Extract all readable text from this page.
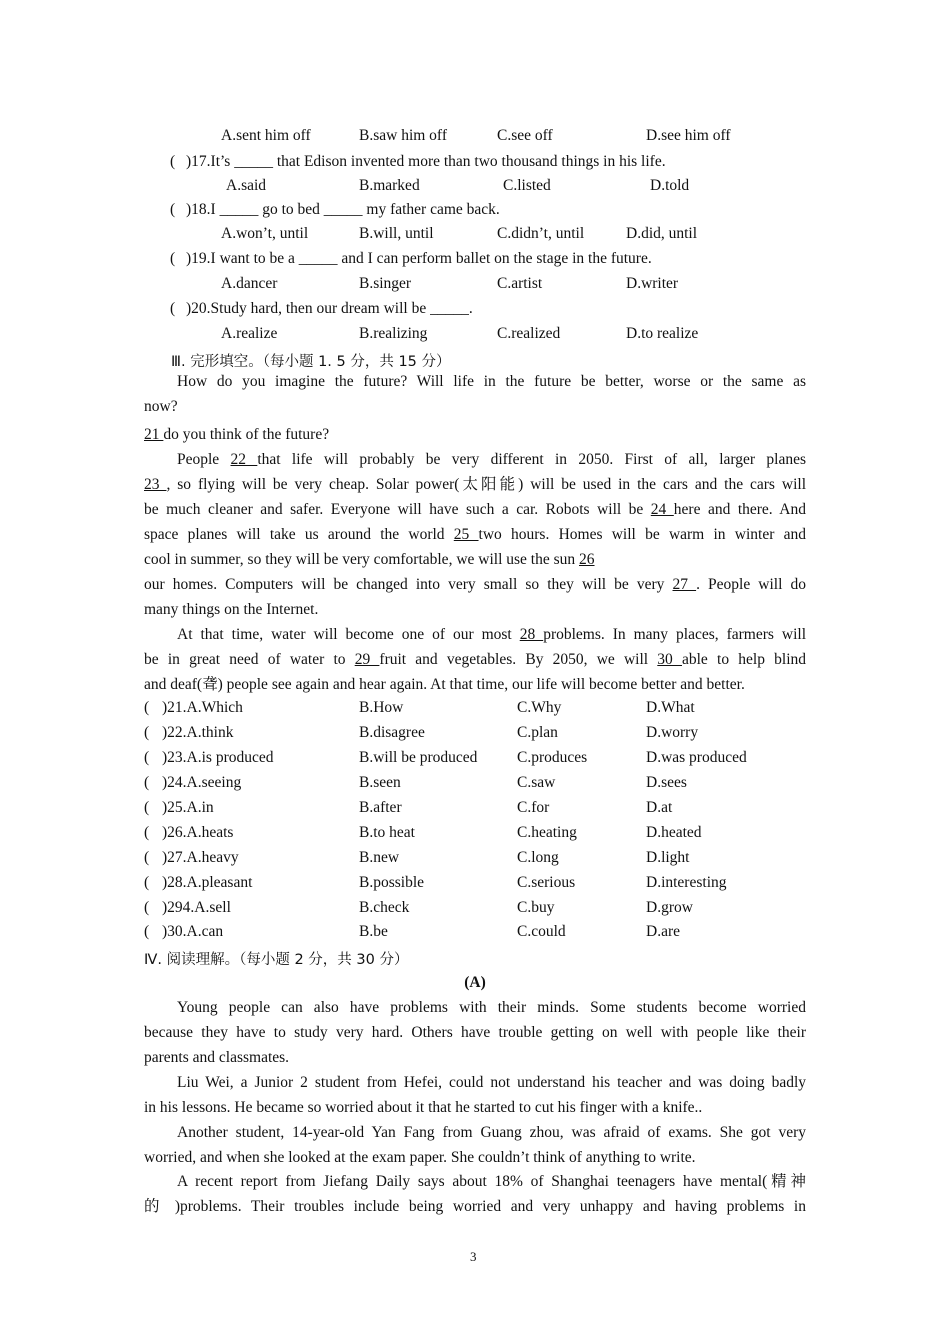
A.sent him off	B.saw him off	C.see off	D.see him off
( )17.It’s _____ that Edison invented more than two thousand things in his life.
A.said	B.marked	C.listed	D.told
( )18.I _____ go to bed _____ my father came back.
A.won’t, until	B.will, until	C.didn’t, until	D.did, until
( )19.I want to be a _____ and I can perform ballet on the stage in the future.
A.dancer	B.singer	C.artist	D.writer
( )20.Study hard, then our dream will be _____.
A.realize	B.realizing	C.realized	D.to realize
Ⅲ. 完形填空。（每小题 1. 5 分，共 15 分）
How do you imagine the future? Will life in the future be better, worse or the same as
now?
21 do you think of the future?
People 22 that life will probably be very different in 2050. First of all, larger planes
23 , so flying will be very cheap. Solar power(太阳能) will be used in the cars and the cars will
be much cleaner and safer. Everyone will have such a car. Robots will be 24 here and there. And
space planes will take us around the world 25 two hours. Homes will be warm in winter and
cool in summer, so they will be very comfortable, we will use the sun 26
our homes. Computers will be changed into very small so they will be very 27 . People will do
many things on the Internet.
At that time, water will become one of our most 28 problems. In many places, farmers will
be in great need of water to 29 fruit and vegetables. By 2050, we will 30 able to help blind
and deaf(聋) people see again and hear again. At that time, our life will become better and better.
( )21.A.Which	B.How	C.Why	D.What
( )22.A.think	B.disagree	C.plan	D.worry
( )23.A.is produced	B.will be produced	C.produces	D.was produced
( )24.A.seeing	B.seen	C.saw	D.sees
( )25.A.in	B.after	C.for	D.at
( )26.A.heats	B.to heat	C.heating	D.heated
( )27.A.heavy	B.new	C.long	D.light
( )28.A.pleasant	B.possible	C.serious	D.interesting
( )294.A.sell	B.check	C.buy	D.grow
( )30.A.can	B.be	C.could	D.are
Ⅳ. 阅读理解。（每小题 2 分，共 30 分）
(A)
Young people can also have problems with their minds. Some students become worried
because they have to study very hard. Others have trouble getting on well with people like their
parents and classmates.
Liu Wei, a Junior 2 student from Hefei, could not understand his teacher and was doing badly
in his lessons. He became so worried about it that he started to cut his finger with a knife..
Another student, 14-year-old Yan Fang from Guang zhou, was afraid of exams. She got very
worried, and when she looked at the exam paper. She couldn’t think of anything to write.
A recent report from Jiefang Daily says about 18% of Shanghai teenagers have mental(精神
的 )problems. Their troubles include being worried and very unhappy and having problems in
3
